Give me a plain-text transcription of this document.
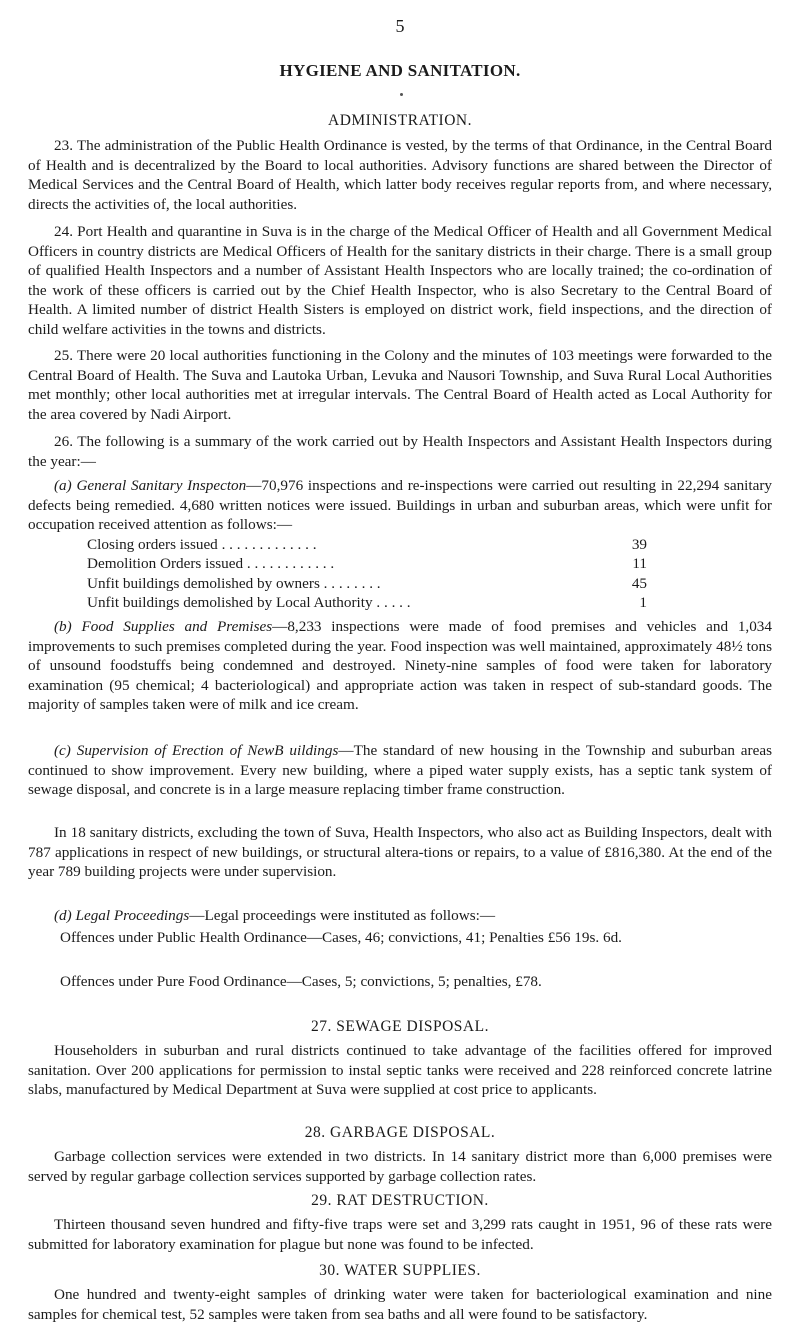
5
HYGIENE AND SANITATION.
ADMINISTRATION.
23. The administration of the Public Health Ordinance is vested, by the terms of that Ordinance, in the Central Board of Health and is decentralized by the Board to local authorities. Advisory functions are shared between the Director of Medical Services and the Central Board of Health, which latter body receives regular reports from, and where necessary, directs the activities of, the local authorities.
24. Port Health and quarantine in Suva is in the charge of the Medical Officer of Health and all Government Medical Officers in country districts are Medical Officers of Health for the sanitary districts in their charge. There is a small group of qualified Health Inspectors and a number of Assistant Health Inspectors who are locally trained; the co-ordination of the work of these officers is carried out by the Chief Health Inspector, who is also Secretary to the Central Board of Health. A limited number of district Health Sisters is employed on district work, field inspections, and the direction of child welfare activities in the towns and districts.
25. There were 20 local authorities functioning in the Colony and the minutes of 103 meetings were forwarded to the Central Board of Health. The Suva and Lautoka Urban, Levuka and Nausori Township, and Suva Rural Local Authorities met monthly; other local authorities met at irregular intervals. The Central Board of Health acted as Local Authority for the area covered by Nadi Airport.
26. The following is a summary of the work carried out by Health Inspectors and Assistant Health Inspectors during the year:—
(a) General Sanitary Inspecton—70,976 inspections and re-inspections were carried out resulting in 22,294 sanitary defects being remedied. 4,680 written notices were issued. Buildings in urban and suburban areas, which were unfit for occupation received attention as follows:—
Closing orders issued . . . . . . . . . . . . .	39
Demolition Orders issued . . . . . . . . . . . .	11
Unfit buildings demolished by owners . . . . . . . .	45
Unfit buildings demolished by Local Authority . . . . .	1
(b) Food Supplies and Premises—8,233 inspections were made of food premises and vehicles and 1,034 improvements to such premises completed during the year. Food inspection was well maintained, approximately 48½ tons of unsound foodstuffs being condemned and destroyed. Ninety-nine samples of food were taken for laboratory examination (95 chemical; 4 bacteriological) and appropriate action was taken in respect of sub-standard goods. The majority of samples taken were of milk and ice cream.
(c) Supervision of Erection of NewB uildings—The standard of new housing in the Township and suburban areas continued to show improvement. Every new building, where a piped water supply exists, has a septic tank system of sewage disposal, and concrete is in a large measure replacing timber frame construction.
In 18 sanitary districts, excluding the town of Suva, Health Inspectors, who also act as Building Inspectors, dealt with 787 applications in respect of new buildings, or structural altera-tions or repairs, to a value of £816,380. At the end of the year 789 building projects were under supervision.
(d) Legal Proceedings—Legal proceedings were instituted as follows:—
Offences under Public Health Ordinance—Cases, 46; convictions, 41; Penalties £56 19s. 6d.
Offences under Pure Food Ordinance—Cases, 5; convictions, 5; penalties, £78.
27. SEWAGE DISPOSAL.
Householders in suburban and rural districts continued to take advantage of the facilities offered for improved sanitation. Over 200 applications for permission to instal septic tanks were received and 228 reinforced concrete latrine slabs, manufactured by Medical Department at Suva were supplied at cost price to applicants.
28. GARBAGE DISPOSAL.
Garbage collection services were extended in two districts. In 14 sanitary district more than 6,000 premises were served by regular garbage collection services supported by garbage collection rates.
29. RAT DESTRUCTION.
Thirteen thousand seven hundred and fifty-five traps were set and 3,299 rats caught in 1951, 96 of these rats were submitted for laboratory examination for plague but none was found to be infected.
30. WATER SUPPLIES.
One hundred and twenty-eight samples of drinking water were taken for bacteriological examination and nine samples for chemical test, 52 samples were taken from sea baths and all were found to be satisfactory.
